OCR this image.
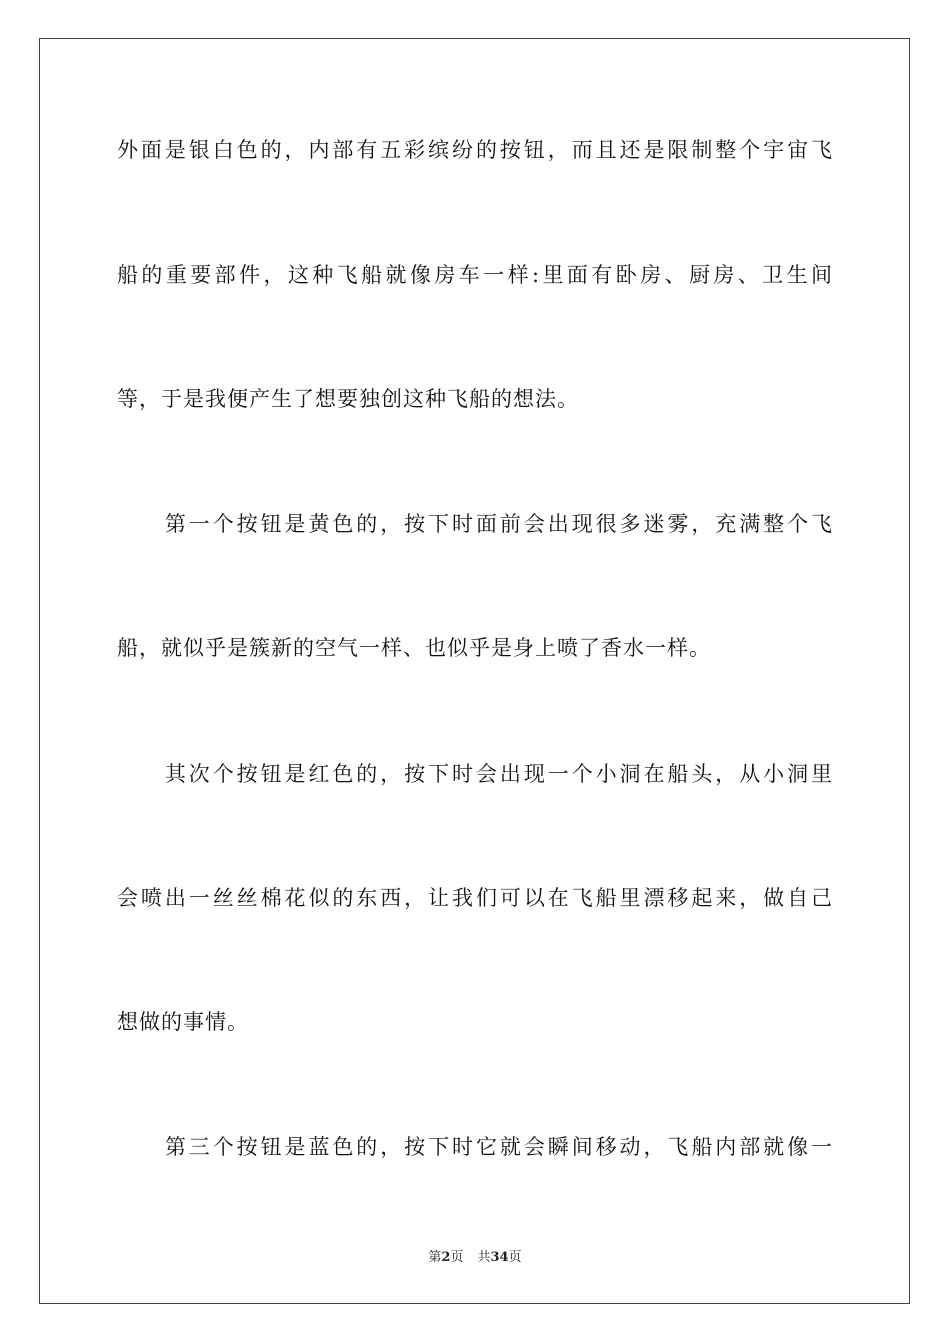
外面是银白色的，内部有五彩缤纷的按钮，而且还是限制整个宇宙飞
船的重要部件，这种飞船就像房车一样:里面有卧房、厨房、卫生间
等，于是我便产生了想要独创这种飞船的想法。
　　第一个按钮是黄色的，按下时面前会出现很多迷雾，充满整个飞
船，就似乎是簇新的空气一样、也似乎是身上喷了香水一样。
　　其次个按钮是红色的，按下时会出现一个小洞在船头，从小洞里
会喷出一丝丝棉花似的东西，让我们可以在飞船里漂移起来，做自己
想做的事情。
　　第三个按钮是蓝色的，按下时它就会瞬间移动，飞船内部就像一
第2页 共34页
